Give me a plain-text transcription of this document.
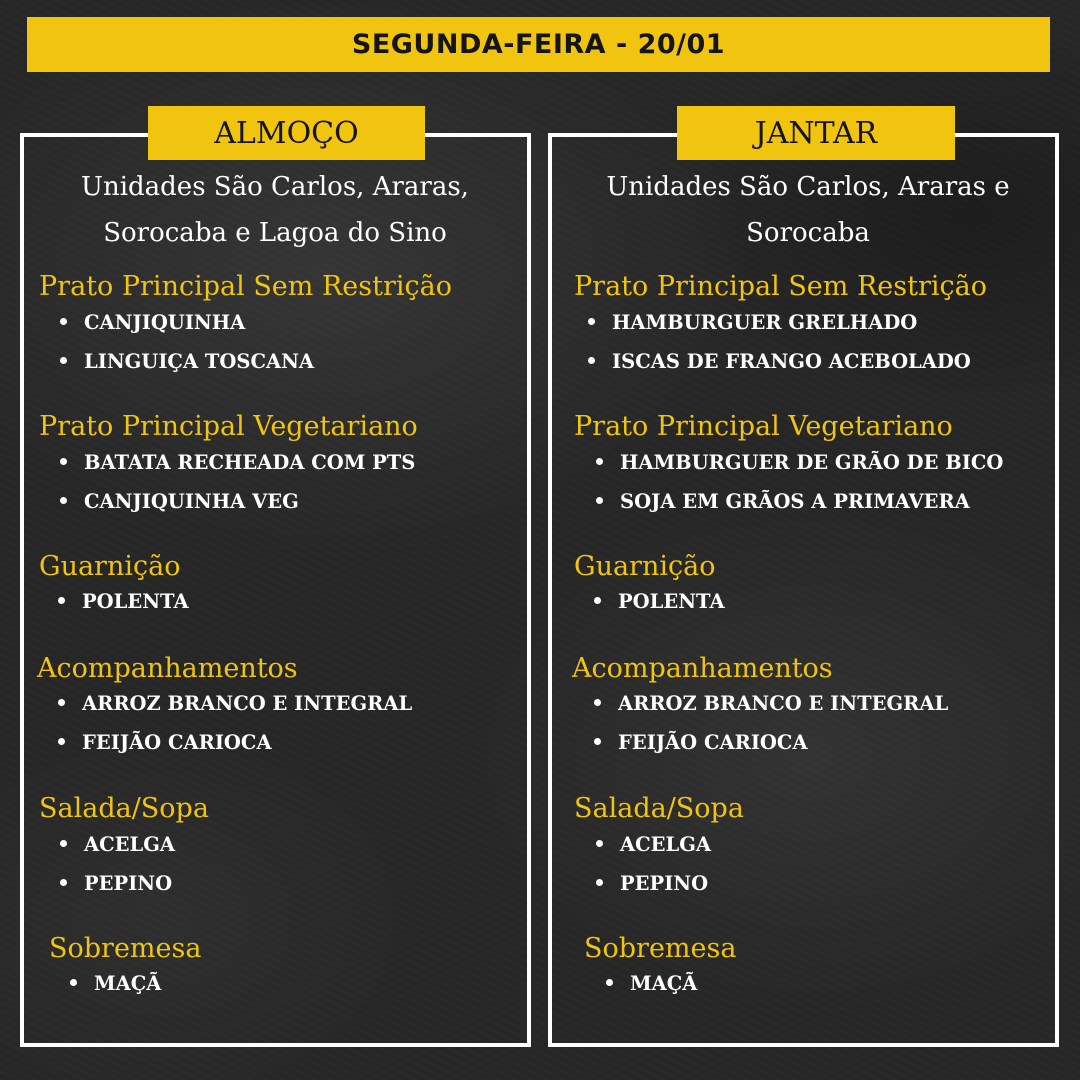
SEGUNDA-FEIRA - 20/01
ALMOÇO	JANTAR
Unidades São Carlos, Araras,
Sorocaba e Lagoa do Sino
Unidades São Carlos, Araras e
Sorocaba
Prato Principal Sem Restrição
CANJIQUINHA
LINGUIÇA TOSCANA
Prato Principal Vegetariano
BATATA RECHEADA COM PTS
CANJIQUINHA VEG
Guarnição
POLENTA
Acompanhamentos
ARROZ BRANCO E INTEGRAL
FEIJÃO CARIOCA
Salada/Sopa
ACELGA
PEPINO
Sobremesa
MAÇÃ
Prato Principal Sem Restrição
HAMBURGUER GRELHADO
ISCAS DE FRANGO ACEBOLADO
Prato Principal Vegetariano
HAMBURGUER DE GRÃO DE BICO
SOJA EM GRÃOS A PRIMAVERA
Guarnição
POLENTA
Acompanhamentos
ARROZ BRANCO E INTEGRAL
FEIJÃO CARIOCA
Salada/Sopa
ACELGA
PEPINO
Sobremesa
MAÇÃ
